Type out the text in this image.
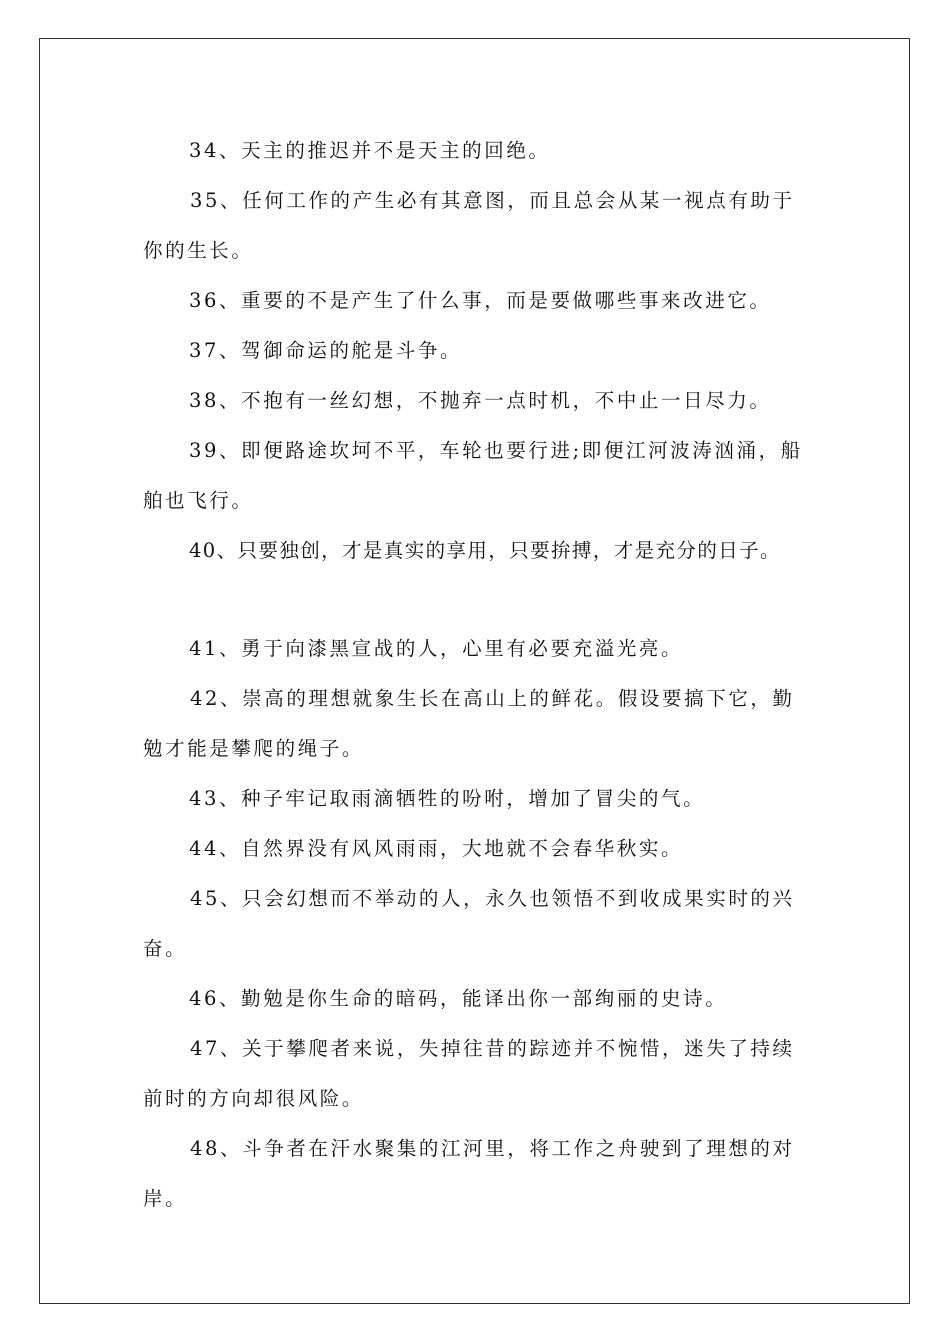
34、天主的推迟并不是天主的回绝。
35、任何工作的产生必有其意图，而且总会从某一视点有助于
你的生长。
36、重要的不是产生了什么事，而是要做哪些事来改进它。
37、驾御命运的舵是斗争。
38、不抱有一丝幻想，不抛弃一点时机，不中止一日尽力。
39、即便路途坎坷不平，车轮也要行进;即便江河波涛汹涌，船
舶也飞行。
40、只要独创，才是真实的享用，只要拚搏，才是充分的日子。
41、勇于向漆黑宣战的人，心里有必要充溢光亮。
42、崇高的理想就象生长在高山上的鲜花。假设要搞下它，勤
勉才能是攀爬的绳子。
43、种子牢记取雨滴牺牲的吩咐，增加了冒尖的气。
44、自然界没有风风雨雨，大地就不会春华秋实。
45、只会幻想而不举动的人，永久也领悟不到收成果实时的兴
奋。
46、勤勉是你生命的暗码，能译出你一部绚丽的史诗。
47、关于攀爬者来说，失掉往昔的踪迹并不惋惜，迷失了持续
前时的方向却很风险。
48、斗争者在汗水聚集的江河里，将工作之舟驶到了理想的对
岸。
